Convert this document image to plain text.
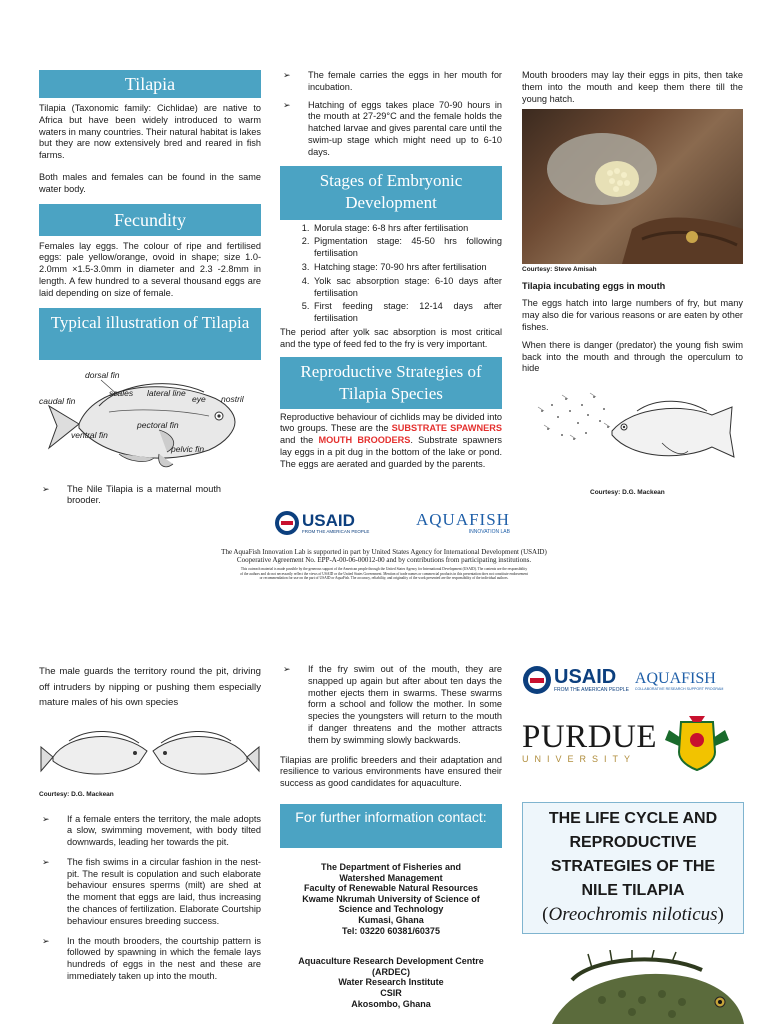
Tilapia

Tilapia (Taxonomic family: Cichlidae) are native to Africa but have been widely introduced to warm waters in many countries. Their natural habitat is lakes but they are now extensively bred and reared in fish farms.

Both males and females can be found in the same water body.

Fecundity

Females lay eggs. The colour of ripe and fertilised eggs: pale yellow/orange, ovoid in shape; size 1.0-2.0mm ×1.5-3.0mm in diameter and 2.3 -2.8mm in length. A few hundred to a several thousand eggs are laid depending on size of female.

Typical illustration of Tilapia
dorsal fin
scales lateral line
eye nostril
caudal fin
pectoral fin
ventral fin
pelvic fin

➢ The Nile Tilapia is a maternal mouth brooder.

➢ The female carries the eggs in her mouth for incubation.

➢ Hatching of eggs takes place 70-90 hours in the mouth at 27-29°C and the female holds the hatched larvae and gives parental care until the swim-up stage which might need up to 6-10 days.

Stages of Embryonic Development
1. Morula stage: 6-8 hrs after fertilisation
2. Pigmentation stage: 45-50 hrs following fertilisation
3. Hatching stage: 70-90 hrs after fertilisation
4. Yolk sac absorption stage: 6-10 days after fertilisation
5. First feeding stage: 12-14 days after fertilisation

The period after yolk sac absorption is most critical and the type of feed fed to the fry is very important.

Reproductive Strategies of Tilapia Species

Reproductive behaviour of cichlids may be divided into two groups. These are the SUBSTRATE SPAWNERS and the MOUTH BROODERS. Substrate spawners lay eggs in a pit dug in the bottom of the lake or pond. The eggs are aerated and guarded by the parents.

Mouth brooders may lay their eggs in pits, then take them into the mouth and keep them there till the young hatch.

Courtesy: Steve Amisah

Tilapia incubating eggs in mouth

The eggs hatch into large numbers of fry, but many may also die for various reasons or are eaten by other fishes.

When there is danger (predator) the young fish swim back into the mouth and through the operculum to hide

Courtesy: D.G. Mackean

USAID
FROM THE AMERICAN PEOPLE
AQUAFISH
INNOVATION LAB
The AquaFish Innovation Lab is supported in part by United States Agency for International Development (USAID)
Cooperative Agreement No. EPP-A-00-06-00012-00 and by contributions from participating institutions.
This outreach material is made possible by the generous support of the American people through the United States Agency for International Development (USAID). The contents are the responsibility
of the authors and do not necessarily reflect the views of USAID or the United States Government. Mention of trade names or commercial products in this presentation does not constitute endorsement
or recommendation for use on the part of USAID or AquaFish. The accuracy, reliability, and originality of the work presented are the responsibility of the individual authors.

The male guards the territory round the pit, driving off intruders by nipping or pushing them especially mature males of his own species

Courtesy: D.G. Mackean

➢ If a female enters the territory, the male adopts a slow, swimming movement, with body tilted downwards, leading her towards the pit.

➢ The fish swims in a circular fashion in the nest-pit. The result is copulation and such elaborate behaviour ensures sperms (milt) are shed at the moment that eggs are laid, thus increasing the chances of fertilization. Elaborate Courtship behaviour ensures breeding success.

➢ In the mouth brooders, the courtship pattern is followed by spawning in which the female lays hundreds of eggs in the nest and these are immediately taken up into the mouth.

➢ If the fry swim out of the mouth, they are snapped up again but after about ten days the mother ejects them in swarms. These swarms form a school and follow the mother. In some species the youngsters will return to the mouth if danger threatens and the mother attracts them by swimming slowly backwards.

Tilapias are prolific breeders and their adaptation and resilience to various environments have ensured their success as good candidates for aquaculture.

For further information contact:
The Department of Fisheries and Watershed Management
Faculty of Renewable Natural Resources
Kwame Nkrumah University of Science of Science and Technology
Kumasi, Ghana
Tel: 03220 60381/60375
Aquaculture Research Development Centre (ARDEC)
Water Research Institute
CSIR
Akosombo, Ghana
USAID
FROM THE AMERICAN PEOPLE
AQUAFISH
COLLABORATIVE RESEARCH SUPPORT PROGRAM
PURDUE
UNIVERSITY
THE LIFE CYCLE AND REPRODUCTIVE STRATEGIES OF THE NILE TILAPIA
(Oreochromis niloticus)
